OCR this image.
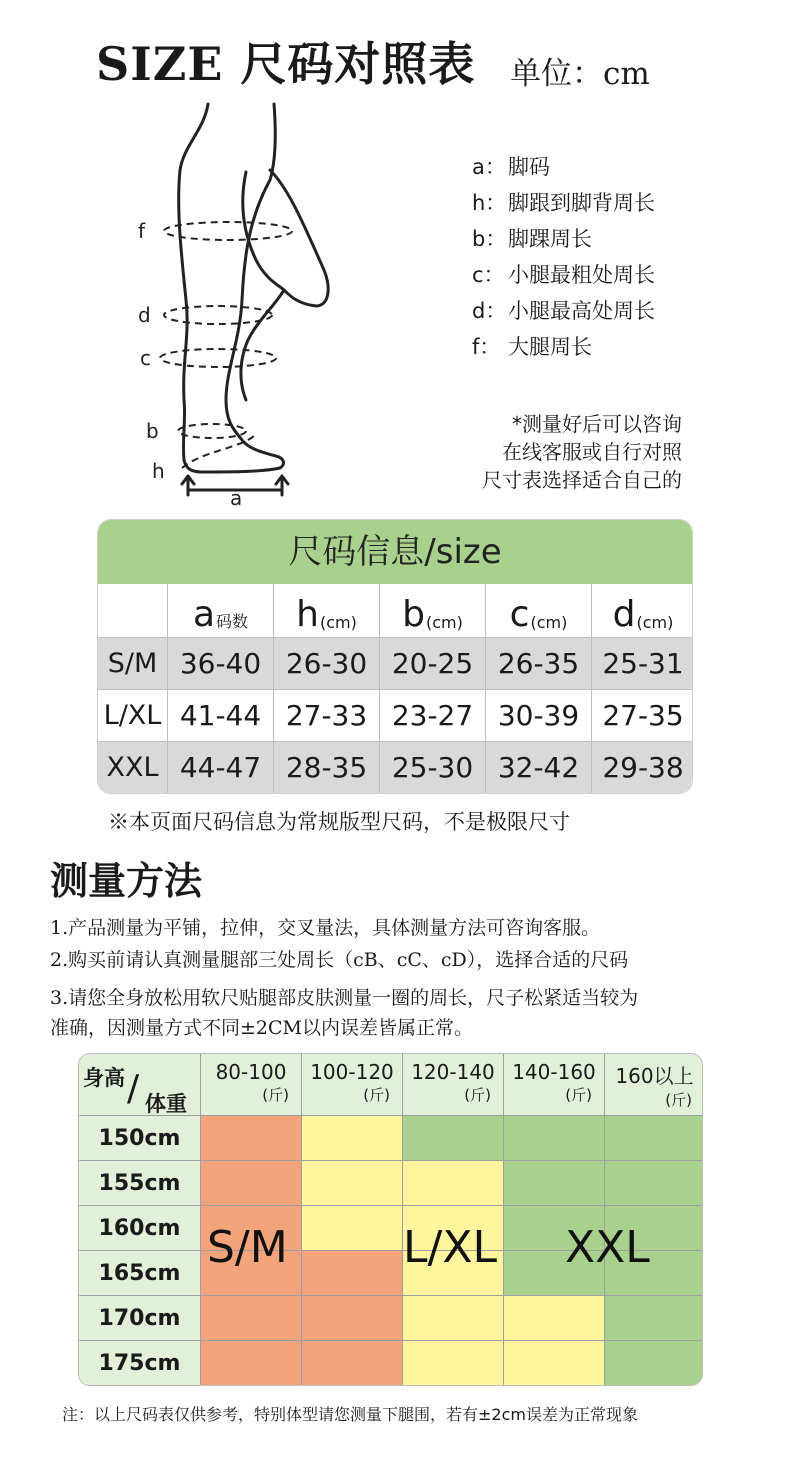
SIZE 尺码对照表 单位：cm
f
d
c
b
h
a
a： 脚码
h：脚跟到脚背周长
b：脚踝周长
c： 小腿最粗处周长
d：小腿最高处周长
f： 大腿周长
*测量好后可以咨询
在线客服或自行对照
尺寸表选择适合自己的
尺码信息/size
a 码数 h (cm) b (cm) c (cm) d (cm)
S/M 36-40 26-30 20-25 26-35 25-31
L/XL 41-44 27-33 23-27 30-39 27-35
XXL 44-47 28-35 25-30 32-42 29-38
※本页面尺码信息为常规版型尺码，不是极限尺寸
测量方法
1.产品测量为平铺，拉伸，交叉量法，具体测量方法可咨询客服。
2.购买前请认真测量腿部三处周长（cB、cC、cD），选择合适的尺码
3.请您全身放松用软尺贴腿部皮肤测量一圈的周长，尺子松紧适当较为
准确，因测量方式不同±2CM以内误差皆属正常。
身高 / 体重
80-100
(斤)
100-120
(斤)
120-140
(斤)
140-160
(斤)
160以上
(斤)
150cm
155cm
160cm
165cm
170cm
175cm
S/M	L/XL XXL
注：以上尺码表仅供参考，特别体型请您测量下腿围，若有±2cm误差为正常现象
